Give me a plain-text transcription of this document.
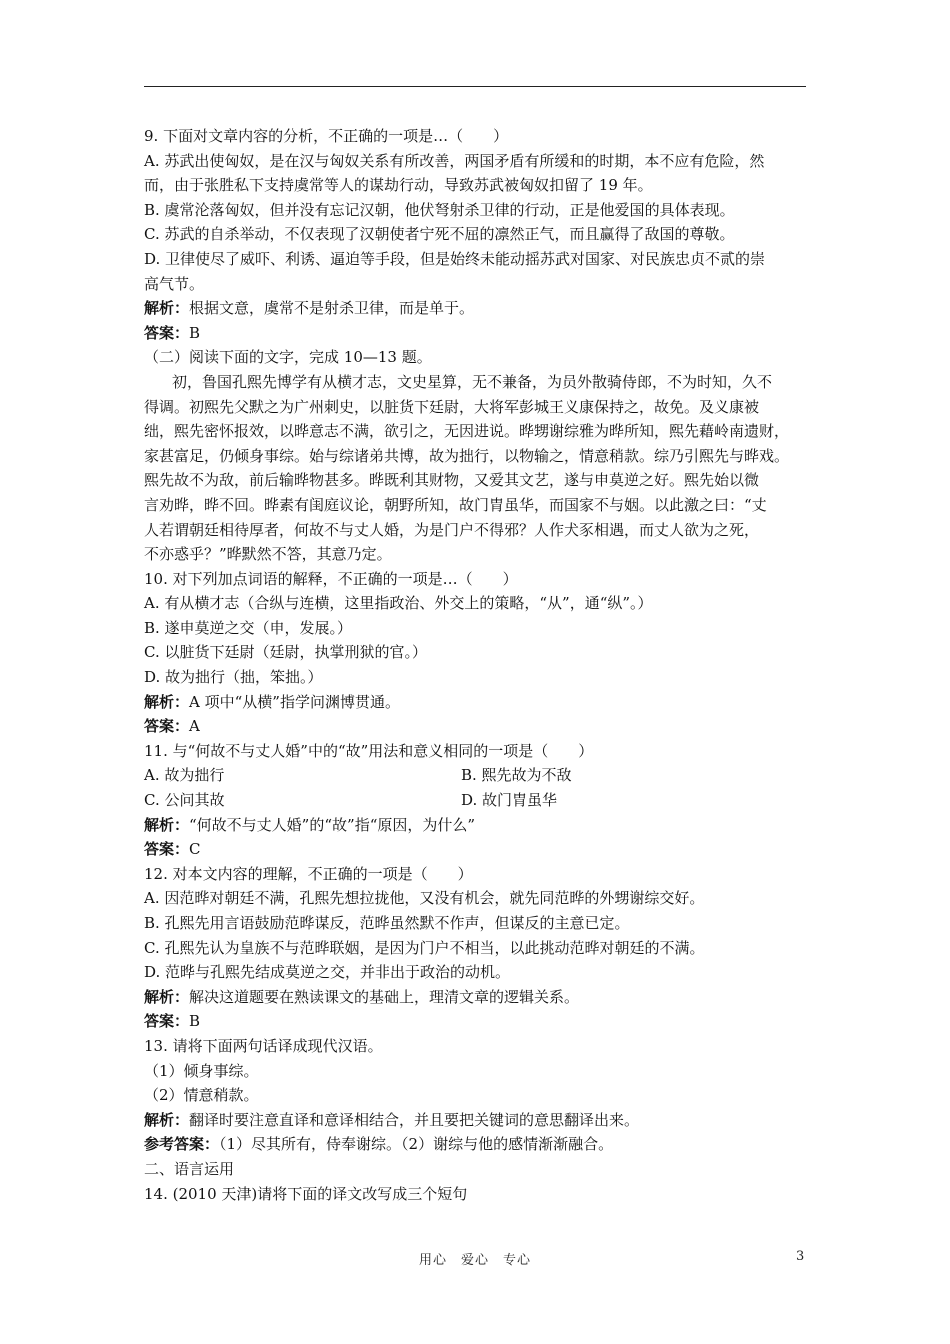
9. 下面对文章内容的分析，不正确的一项是…（　　）
A. 苏武出使匈奴，是在汉与匈奴关系有所改善，两国矛盾有所缓和的时期，本不应有危险，然
而，由于张胜私下支持虞常等人的谋劫行动，导致苏武被匈奴扣留了 19 年。
B. 虞常沦落匈奴，但并没有忘记汉朝，他伏弩射杀卫律的行动，正是他爱国的具体表现。
C. 苏武的自杀举动，不仅表现了汉朝使者宁死不屈的凛然正气，而且赢得了敌国的尊敬。
D. 卫律使尽了威吓、利诱、逼迫等手段，但是始终未能动摇苏武对国家、对民族忠贞不贰的崇
高气节。
解析：根据文意，虞常不是射杀卫律，而是单于。
答案：B
（二）阅读下面的文字，完成 10—13 题。
初，鲁国孔熙先博学有从横才志，文史星算，无不兼备，为员外散骑侍郎，不为时知，久不
得调。初熙先父默之为广州刺史，以脏货下廷尉，大将军彭城王义康保持之，故免。及义康被
绌，熙先密怀报效，以晔意志不满，欲引之，无因进说。晔甥谢综雅为晔所知，熙先藉岭南遗财，
家甚富足，仍倾身事综。始与综诸弟共博，故为拙行，以物输之，情意稍款。综乃引熙先与晔戏。
熙先故不为敌，前后输晔物甚多。晔既利其财物，又爱其文艺，遂与申莫逆之好。熙先始以微
言劝晔，晔不回。晔素有闺庭议论，朝野所知，故门胄虽华，而国家不与姻。以此激之曰：“丈
人若谓朝廷相待厚者，何故不与丈人婚，为是门户不得邪？人作犬豕相遇，而丈人欲为之死，
不亦惑乎？”晔默然不答，其意乃定。
10. 对下列加点词语的解释，不正确的一项是…（　　）
A. 有从横才志（合纵与连横，这里指政治、外交上的策略，“从”，通“纵”。）
B. 遂申莫逆之交（申，发展。）
C. 以脏货下廷尉（廷尉，执掌刑狱的官。）
D. 故为拙行（拙，笨拙。）
解析：A 项中“从横”指学问渊博贯通。
答案：A
11. 与“何故不与丈人婚”中的“故”用法和意义相同的一项是（　　）
A. 故为拙行	B. 熙先故为不敌
C. 公问其故	D. 故门胄虽华
解析：“何故不与丈人婚”的“故”指“原因，为什么”
答案：C
12. 对本文内容的理解，不正确的一项是（　　）
A. 因范晔对朝廷不满，孔熙先想拉拢他，又没有机会，就先同范晔的外甥谢综交好。
B. 孔熙先用言语鼓励范晔谋反，范晔虽然默不作声，但谋反的主意已定。
C. 孔熙先认为皇族不与范晔联姻，是因为门户不相当，以此挑动范晔对朝廷的不满。
D. 范晔与孔熙先结成莫逆之交，并非出于政治的动机。
解析：解决这道题要在熟读课文的基础上，理清文章的逻辑关系。
答案：B
13. 请将下面两句话译成现代汉语。
（1）倾身事综。
（2）情意稍款。
解析：翻译时要注意直译和意译相结合，并且要把关键词的意思翻译出来。
参考答案：（1）尽其所有，侍奉谢综。（2）谢综与他的感情渐渐融合。
二、语言运用
14. (2010 天津)请将下面的译文改写成三个短句
用心　爱心　专心	3
